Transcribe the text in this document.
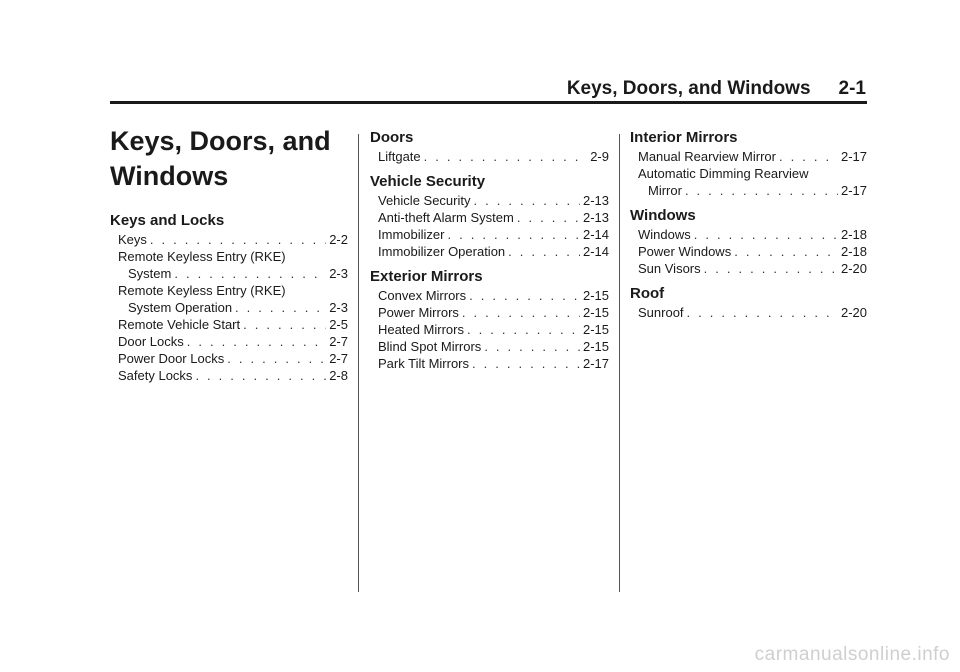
Keys, Doors, and Windows 2-1
Keys, Doors, and Windows
Keys and Locks
Keys . . .	2-2
Remote Keyless Entry (RKE)
System . . .	2-3
Remote Keyless Entry (RKE)
System Operation . . .	2-3
Remote Vehicle Start . . .	2-5
Door Locks . . .	2-7
Power Door Locks . . .	2-7
Safety Locks . . .	2-8
Doors
Liftgate . . .	2-9
Vehicle Security
Vehicle Security . . .	2-13
Anti-theft Alarm System . . .	2-13
Immobilizer . . .	2-14
Immobilizer Operation . . .	2-14
Exterior Mirrors
Convex Mirrors . . .	2-15
Power Mirrors . . .	2-15
Heated Mirrors . . .	2-15
Blind Spot Mirrors . . .	2-15
Park Tilt Mirrors . . .	2-17
Interior Mirrors
Manual Rearview Mirror . . .	2-17
Automatic Dimming Rearview
Mirror . . .	2-17
Windows
Windows . . .	2-18
Power Windows . . .	2-18
Sun Visors . . .	2-20
Roof
Sunroof . . .	2-20
carmanualsonline.info
